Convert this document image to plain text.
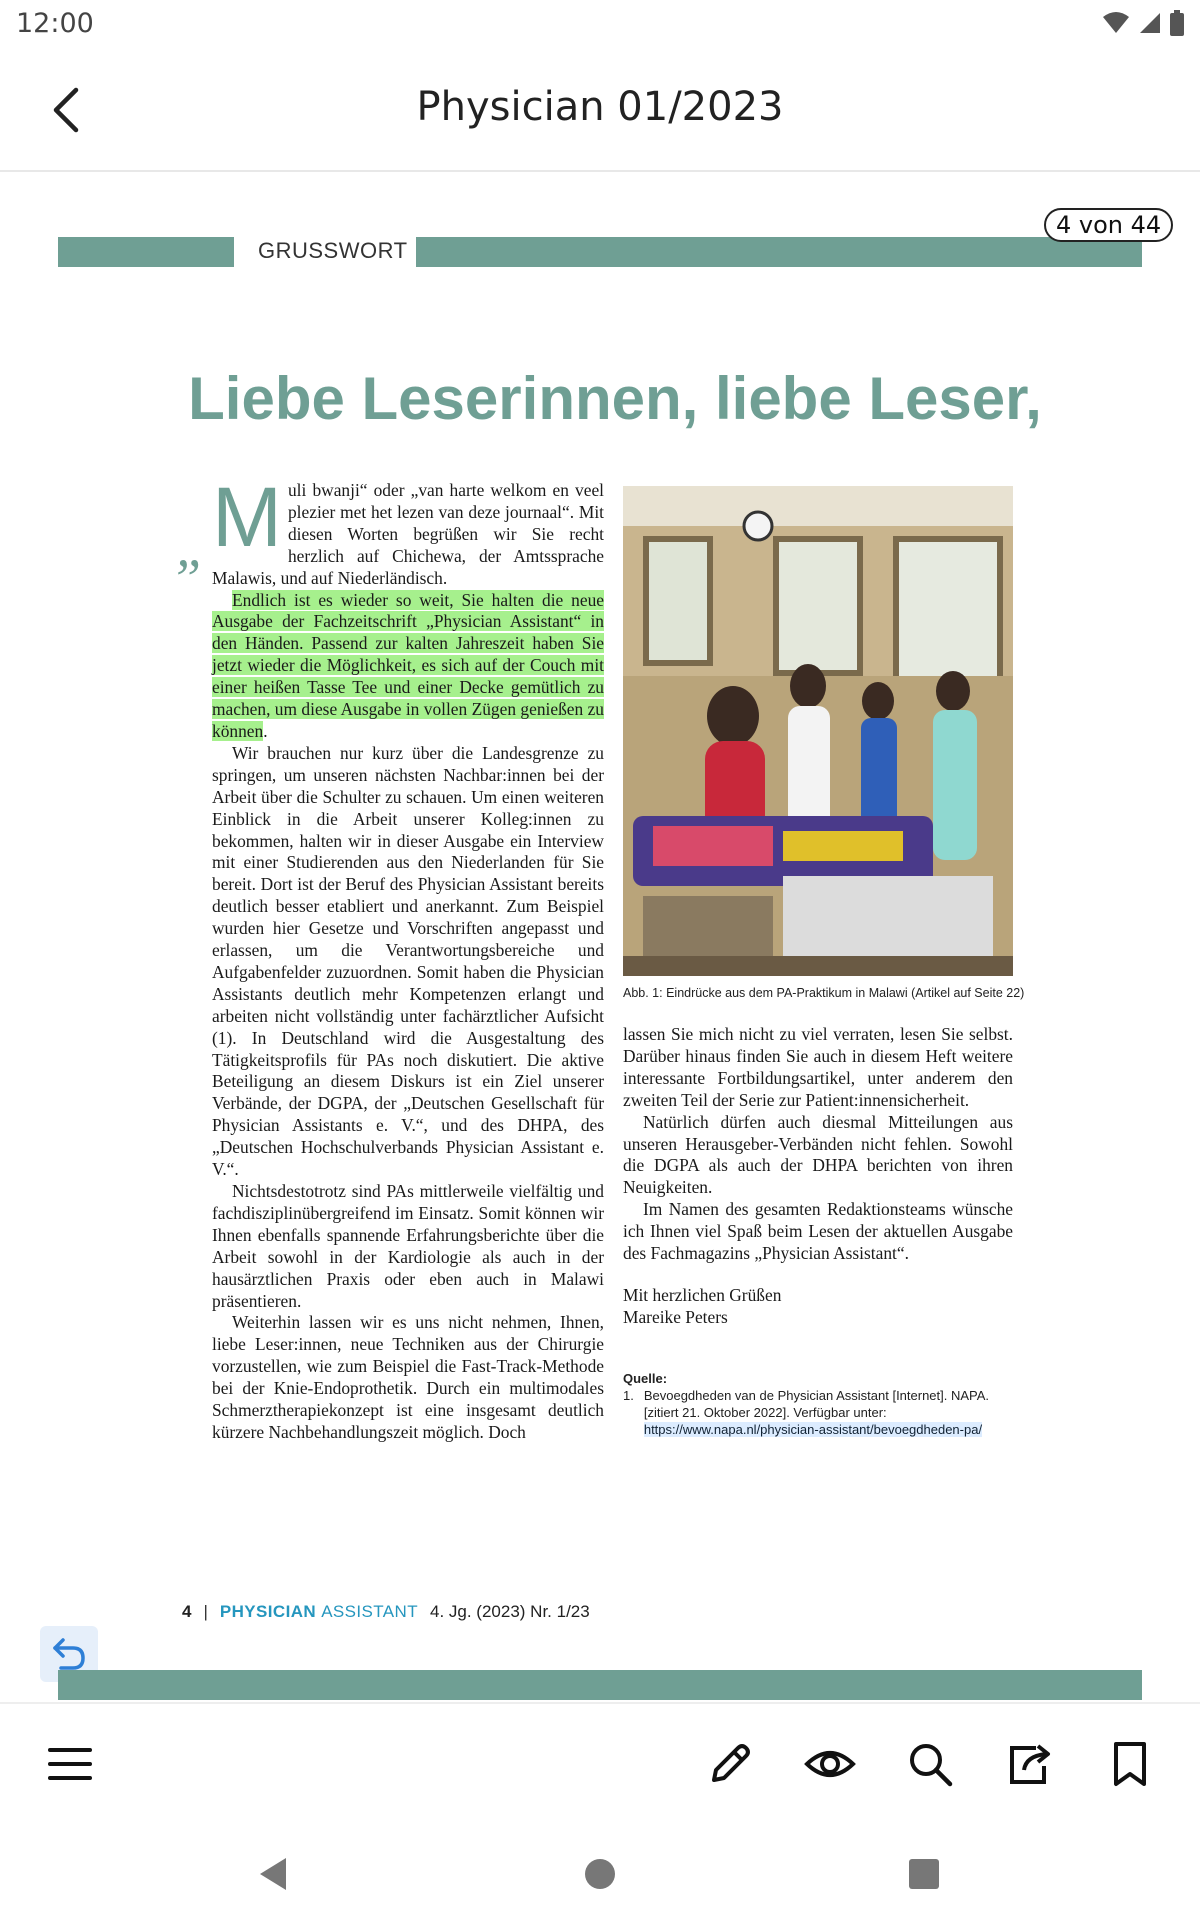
12:00
Physician 01/2023
GRUSSWORT
4 von 44
Liebe Leserinnen, liebe Leser,
„ Muli bwanji“ oder „van harte welkom en veel plezier met het lezen van deze journaal“. Mit diesen Worten begrüßen wir Sie recht herzlich auf Chichewa, der Amtssprache Malawis, und auf Niederländisch.

Endlich ist es wieder so weit, Sie halten die neue Ausgabe der Fachzeitschrift „Physician Assistant“ in den Händen. Passend zur kalten Jahreszeit haben Sie jetzt wieder die Möglichkeit, es sich auf der Couch mit einer heißen Tasse Tee und einer Decke gemütlich zu machen, um diese Ausgabe in vollen Zügen genießen zu können.

Wir brauchen nur kurz über die Landesgrenze zu springen, um unseren nächsten Nachbar:innen bei der Arbeit über die Schulter zu schauen. Um einen weiteren Einblick in die Arbeit unserer Kolleg:innen zu bekommen, halten wir in dieser Ausgabe ein Interview mit einer Studierenden aus den Niederlanden für Sie bereit. Dort ist der Beruf des Physician Assistant bereits deutlich besser etabliert und anerkannt. Zum Beispiel wurden hier Gesetze und Vorschriften angepasst und erlassen, um die Verantwortungsbereiche und Aufgabenfelder zuzuordnen. Somit haben die Physician Assistants deutlich mehr Kompetenzen erlangt und arbeiten nicht vollständig unter fachärztlicher Aufsicht (1). In Deutschland wird die Ausgestaltung des Tätigkeitsprofils für PAs noch diskutiert. Die aktive Beteiligung an diesem Diskurs ist ein Ziel unserer Verbände, der DGPA, der „Deutschen Gesellschaft für Physician Assistants e. V.“, und des DHPA, des „Deutschen Hochschulverbands Physician Assistant e. V.“.

Nichtsdestotrotz sind PAs mittlerweile vielfältig und fachdisziplinübergreifend im Einsatz. Somit können wir Ihnen ebenfalls spannende Erfahrungsberichte über die Arbeit sowohl in der Kardiologie als auch in der hausärztlichen Praxis oder eben auch in Malawi präsentieren.

Weiterhin lassen wir es uns nicht nehmen, Ihnen, liebe Leser:innen, neue Techniken aus der Chirurgie vorzustellen, wie zum Beispiel die Fast-Track-Methode bei der Knie-Endoprothetik. Durch ein multimodales Schmerztherapiekonzept ist eine insgesamt deutlich kürzere Nachbehandlungszeit möglich. Doch

Abb. 1: Eindrücke aus dem PA-Praktikum in Malawi (Artikel auf Seite 22)

lassen Sie mich nicht zu viel verraten, lesen Sie selbst. Darüber hinaus finden Sie auch in diesem Heft weitere interessante Fortbildungsartikel, unter anderem den zweiten Teil der Serie zur Patient:innensicherheit.

Natürlich dürfen auch diesmal Mitteilungen aus unseren Herausgeber-Verbänden nicht fehlen. Sowohl die DGPA als auch der DHPA berichten von ihren Neuigkeiten.

Im Namen des gesamten Redaktionsteams wünsche ich Ihnen viel Spaß beim Lesen der aktuellen Ausgabe des Fachmagazins „Physician Assistant“.

Mit herzlichen Grüßen

Mareike Peters

Quelle:
1. Bevoegdheden van de Physician Assistant [Internet]. NAPA. [zitiert 21. Oktober 2022]. Verfügbar unter:
https://www.napa.nl/physician-assistant/bevoegdheden-pa/
4 | PHYSICIAN ASSISTANT 4. Jg. (2023) Nr. 1/23
